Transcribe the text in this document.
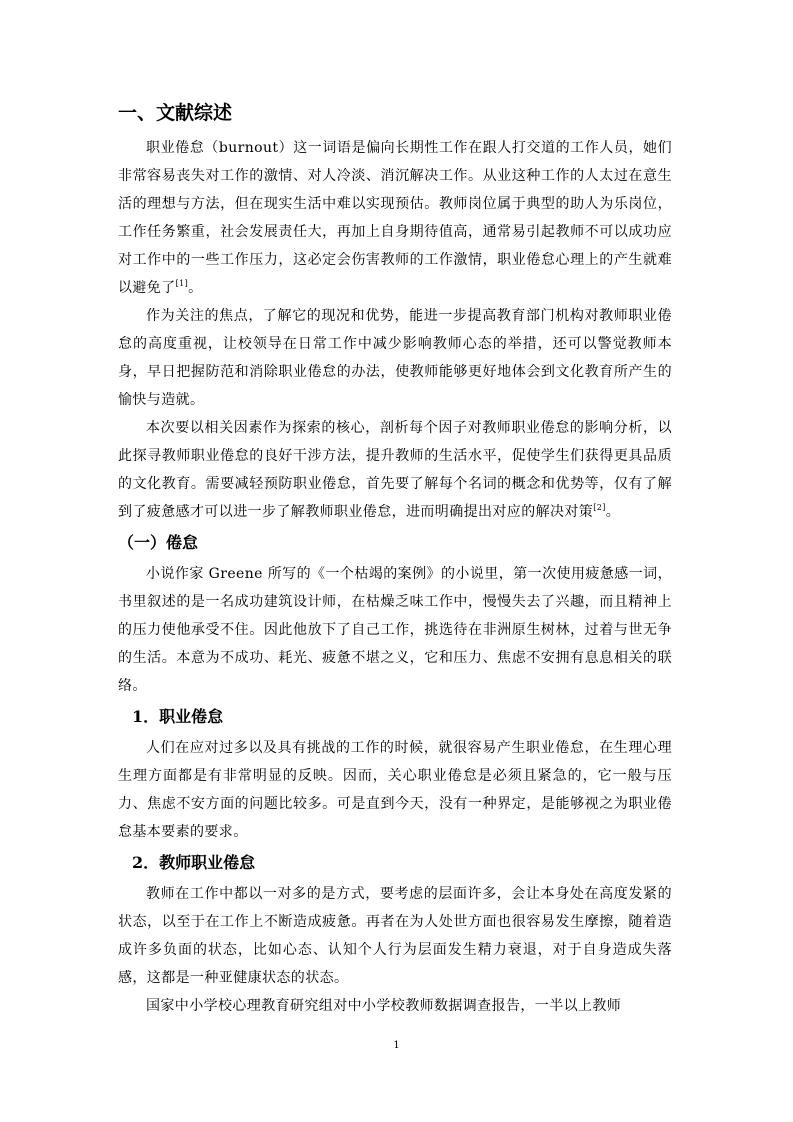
一、文献综述

职业倦怠（burnout）这一词语是偏向长期性工作在跟人打交道的工作人员，她们非常容易丧失对工作的激情、对人冷淡、消沉解决工作。从业这种工作的人太过在意生活的理想与方法，但在现实生活中难以实现预估。教师岗位属于典型的助人为乐岗位，工作任务繁重，社会发展责任大，再加上自身期待值高，通常易引起教师不可以成功应对工作中的一些工作压力，这必定会伤害教师的工作激情，职业倦怠心理上的产生就难以避免了[1]。

作为关注的焦点，了解它的现况和优势，能进一步提高教育部门机构对教师职业倦怠的高度重视，让校领导在日常工作中减少影响教师心态的举措，还可以警觉教师本身，早日把握防范和消除职业倦怠的办法，使教师能够更好地体会到文化教育所产生的愉快与造就。

本次要以相关因素作为探索的核心，剖析每个因子对教师职业倦怠的影响分析，以此探寻教师职业倦怠的良好干涉方法，提升教师的生活水平，促使学生们获得更具品质的文化教育。需要减轻预防职业倦怠，首先要了解每个名词的概念和优势等，仅有了解到了疲惫感才可以进一步了解教师职业倦怠，进而明确提出对应的解决对策[2]。

（一）倦怠

小说作家 Greene 所写的《一个枯竭的案例》的小说里，第一次使用疲惫感一词，书里叙述的是一名成功建筑设计师，在枯燥乏味工作中，慢慢失去了兴趣，而且精神上的压力使他承受不住。因此他放下了自己工作，挑选待在非洲原生树林，过着与世无争的生活。本意为不成功、耗光、疲惫不堪之义，它和压力、焦虑不安拥有息息相关的联络。

1．职业倦怠

人们在应对过多以及具有挑战的工作的时候，就很容易产生职业倦怠，在生理心理生理方面都是有非常明显的反映。因而，关心职业倦怠是必须且紧急的，它一般与压力、焦虑不安方面的问题比较多。可是直到今天，没有一种界定，是能够视之为职业倦怠基本要素的要求。

2．教师职业倦怠

教师在工作中都以一对多的是方式，要考虑的层面许多，会让本身处在高度发紧的状态，以至于在工作上不断造成疲惫。再者在为人处世方面也很容易发生摩擦，随着造成许多负面的状态，比如心态、认知个人行为层面发生精力衰退，对于自身造成失落感，这都是一种亚健康状态的状态。

国家中小学校心理教育研究组对中小学校教师数据调查报告，一半以上教师

1
